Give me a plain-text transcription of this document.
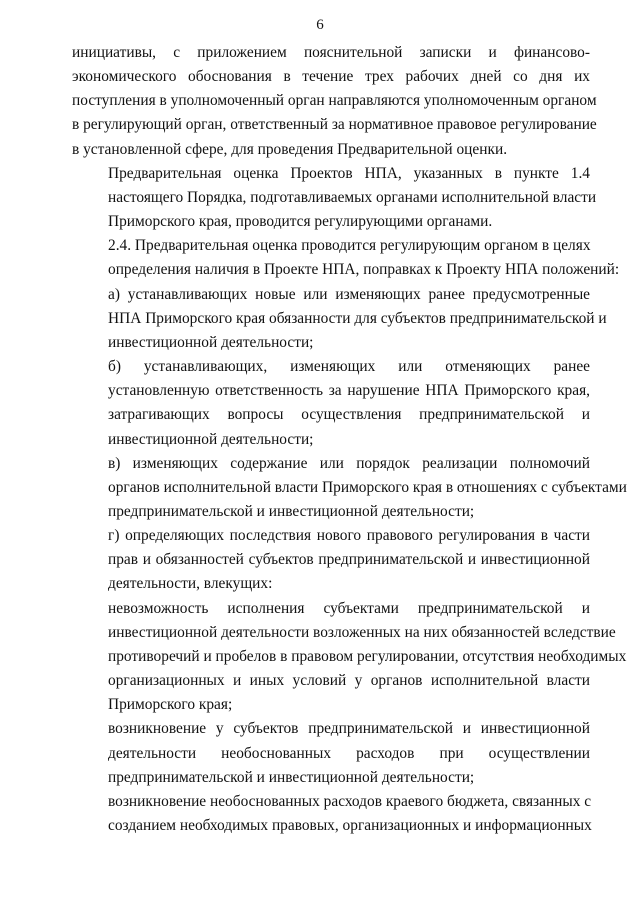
6

инициативы, с приложением пояснительной записки и финансово-
экономического обоснования в течение трех рабочих дней со дня их
поступления в уполномоченный орган направляются уполномоченным органом
в регулирующий орган, ответственный за нормативное правовое регулирование
в установленной сфере, для проведения Предварительной оценки.

Предварительная оценка Проектов НПА, указанных в пункте 1.4
настоящего Порядка, подготавливаемых органами исполнительной власти
Приморского края, проводится регулирующими органами.

2.4. Предварительная оценка проводится регулирующим органом в целях
определения наличия в Проекте НПА, поправках к Проекту НПА положений:

а) устанавливающих новые или изменяющих ранее предусмотренные
НПА Приморского края обязанности для субъектов предпринимательской и
инвестиционной деятельности;

б) устанавливающих, изменяющих или отменяющих ранее
установленную ответственность за нарушение НПА Приморского края,
затрагивающих вопросы осуществления предпринимательской и
инвестиционной деятельности;

в) изменяющих содержание или порядок реализации полномочий
органов исполнительной власти Приморского края в отношениях с субъектами
предпринимательской и инвестиционной деятельности;

г) определяющих последствия нового правового регулирования в части
прав и обязанностей субъектов предпринимательской и инвестиционной
деятельности, влекущих:

невозможность исполнения субъектами предпринимательской и
инвестиционной деятельности возложенных на них обязанностей вследствие
противоречий и пробелов в правовом регулировании, отсутствия необходимых
организационных и иных условий у органов исполнительной власти
Приморского края;

возникновение у субъектов предпринимательской и инвестиционной
деятельности необоснованных расходов при осуществлении
предпринимательской и инвестиционной деятельности;

возникновение необоснованных расходов краевого бюджета, связанных с
созданием необходимых правовых, организационных и информационных
